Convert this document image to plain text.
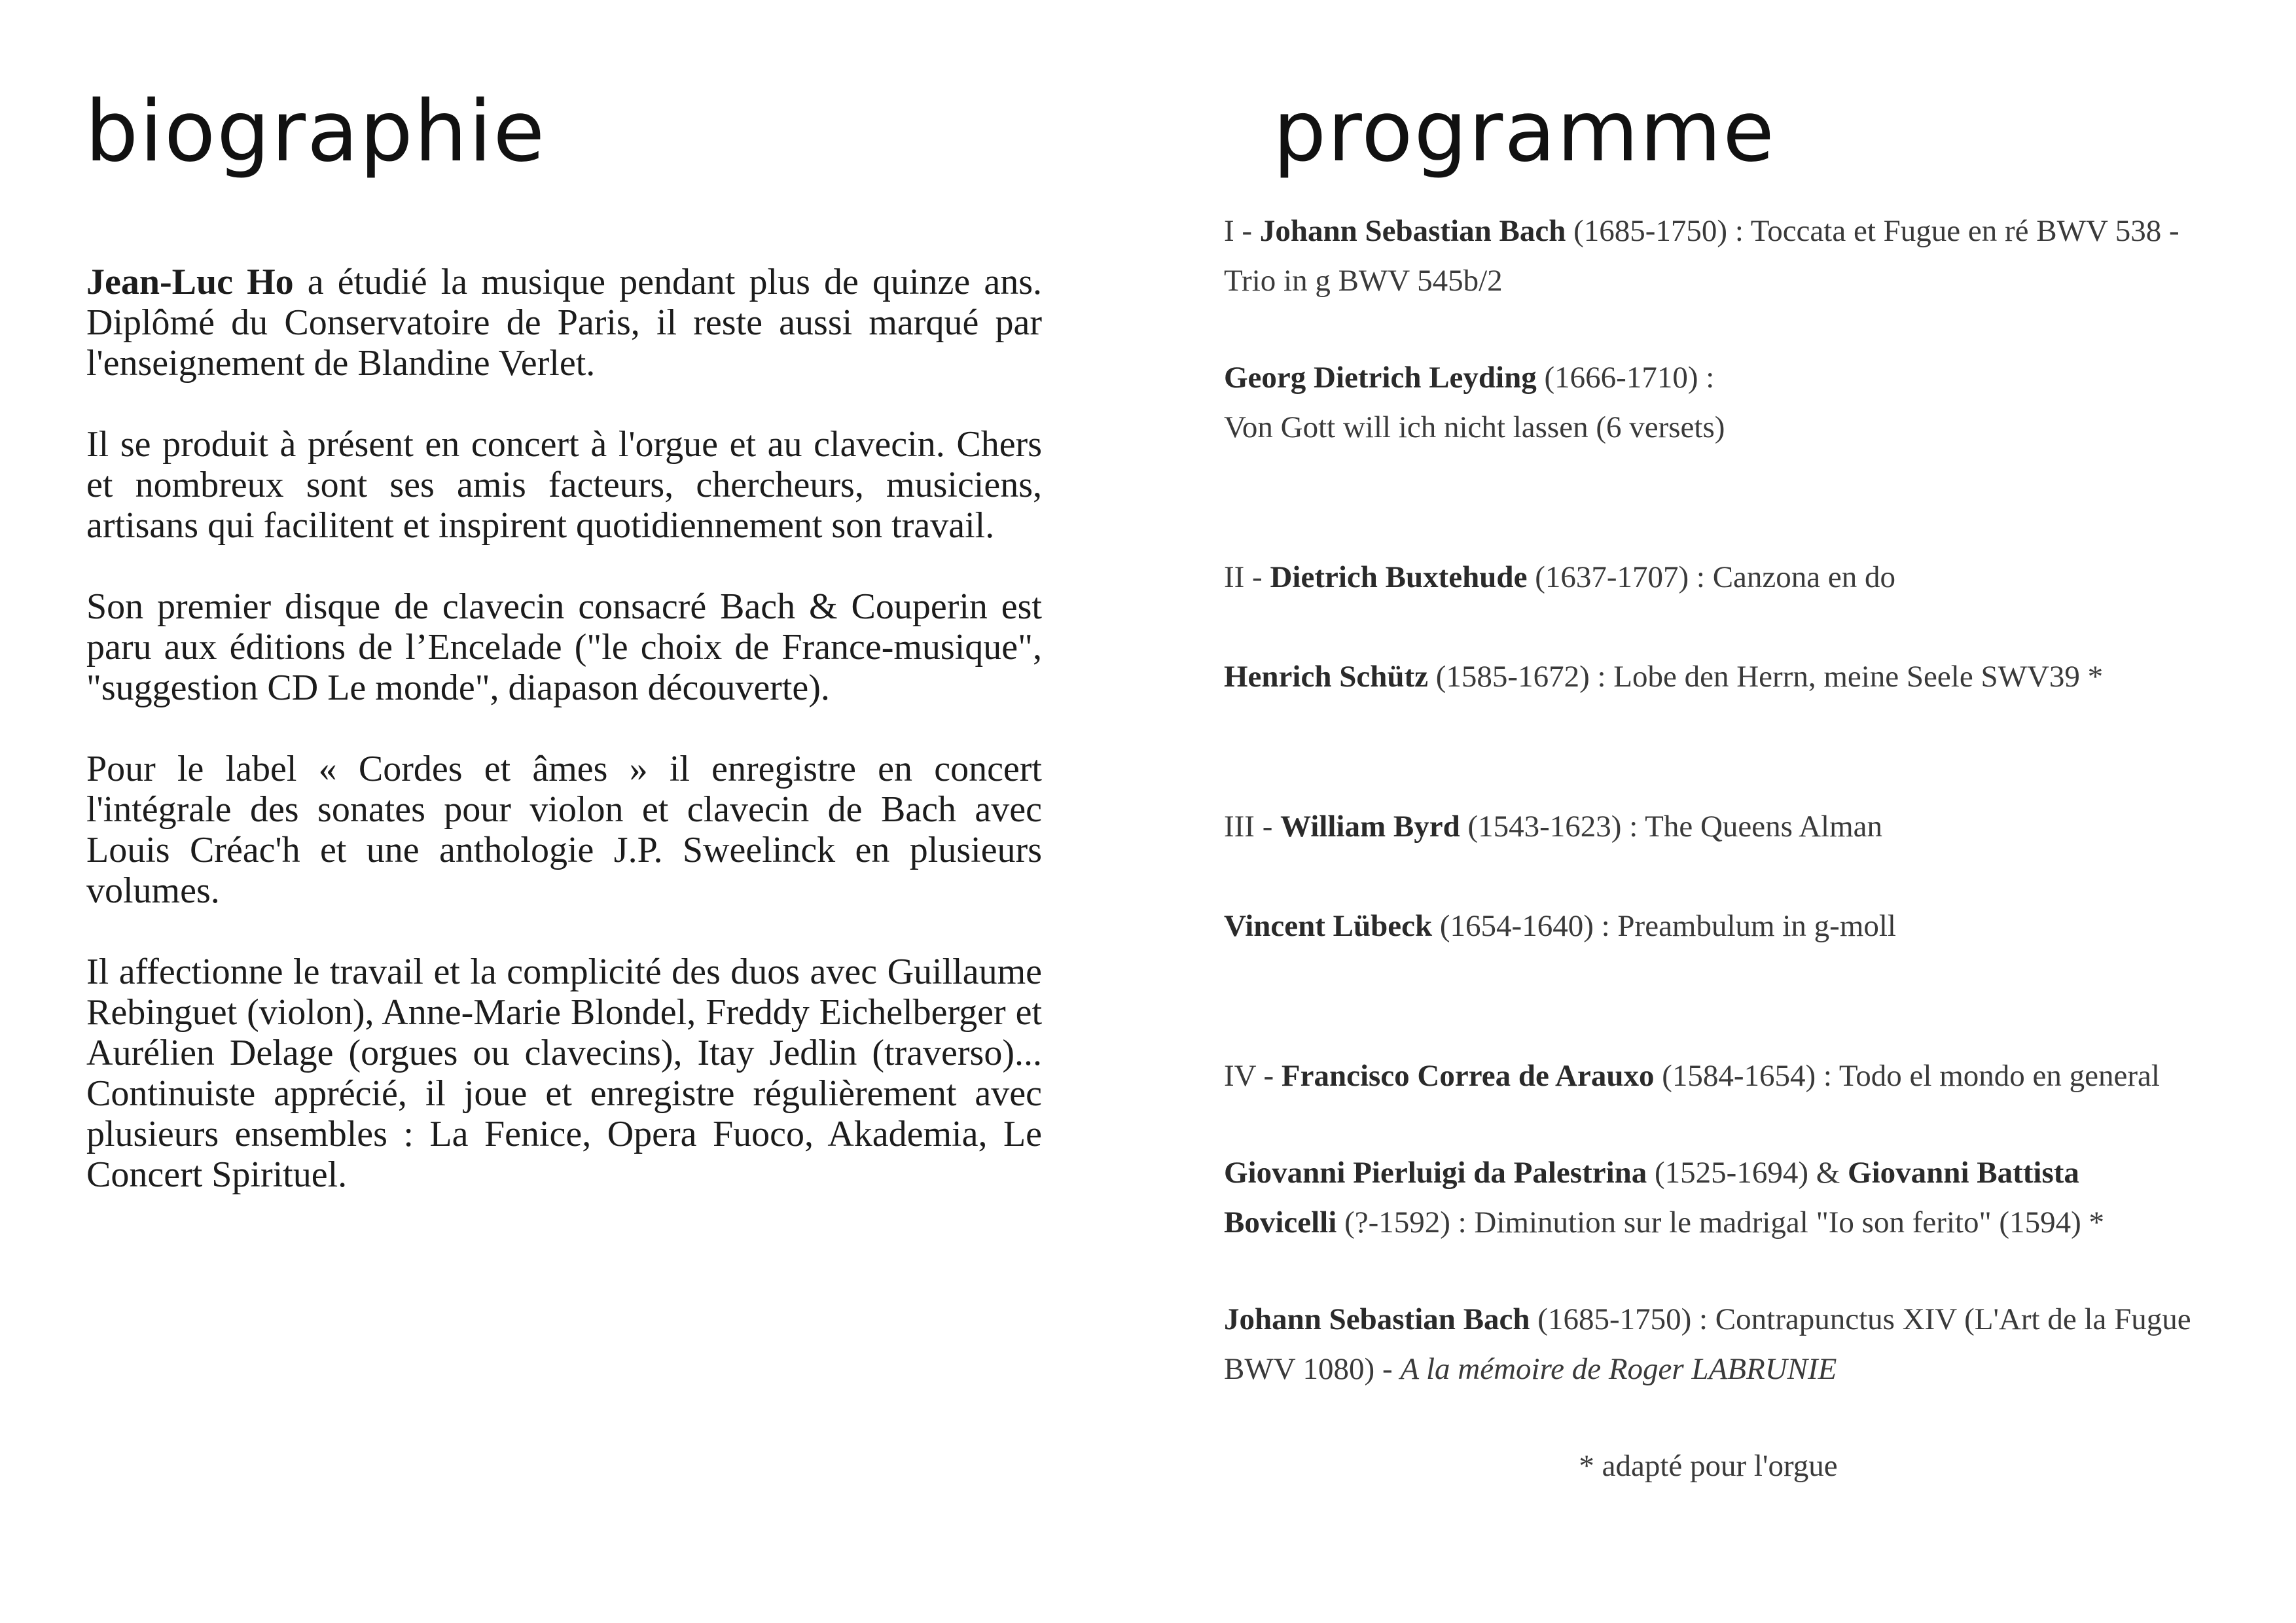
biographie

Jean-Luc Ho a étudié la musique pendant plus de quinze ans. Diplômé du Conservatoire de Paris, il reste aussi marqué par l'enseignement de Blandine Verlet.

Il se produit à présent en concert à l'orgue et au clavecin. Chers et nombreux sont ses amis facteurs, chercheurs, musiciens, artisans qui facilitent et inspirent quotidiennement son travail.

Son premier disque de clavecin consacré Bach & Couperin est paru aux éditions de l’Encelade ("le choix de France-musique", "suggestion CD Le monde", diapason découverte).

Pour le label « Cordes et âmes » il enregistre en concert l'intégrale des sonates pour violon et clavecin de Bach avec Louis Créac'h et une anthologie J.P. Sweelinck en plusieurs volumes.

Il affectionne le travail et la complicité des duos avec Guillaume Rebinguet (violon), Anne-Marie Blondel, Freddy Eichelberger et Aurélien Delage (orgues ou clavecins), Itay Jedlin (traverso)... Continuiste apprécié, il joue et enregistre régulièrement avec plusieurs ensembles : La Fenice, Opera Fuoco, Akademia, Le Concert Spirituel.

programme

I - Johann Sebastian Bach (1685-1750) : Toccata et Fugue en ré BWV 538 - Trio in g BWV 545b/2

Georg Dietrich Leyding (1666-1710) :
Von Gott will ich nicht lassen (6 versets)

II - Dietrich Buxtehude (1637-1707) : Canzona en do

Henrich Schütz (1585-1672) : Lobe den Herrn, meine Seele SWV39 *

III - William Byrd (1543-1623) : The Queens Alman

Vincent Lübeck (1654-1640) : Preambulum in g-moll

IV - Francisco Correa de Arauxo (1584-1654) : Todo el mondo en general

Giovanni Pierluigi da Palestrina (1525-1694) & Giovanni Battista Bovicelli (?-1592) : Diminution sur le madrigal "Io son ferito" (1594) *

Johann Sebastian Bach (1685-1750) : Contrapunctus XIV (L'Art de la Fugue BWV 1080) - A la mémoire de Roger LABRUNIE

* adapté pour l'orgue
